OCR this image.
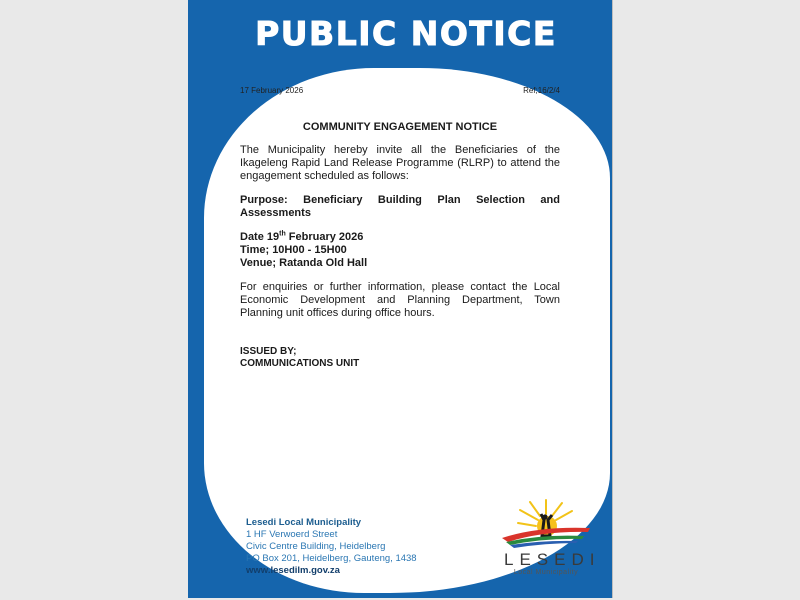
PUBLIC NOTICE
17 February 2026	Ref;16/2/4
COMMUNITY ENGAGEMENT NOTICE

The Municipality hereby invite all the Beneficiaries of the Ikageleng Rapid Land Release Programme (RLRP) to attend the engagement scheduled as follows:

Purpose: Beneficiary Building Plan Selection and Assessments

Date 19th February 2026
Time; 10H00 - 15H00
Venue; Ratanda Old Hall

For enquiries or further information, please contact the Local Economic Development and Planning Department, Town Planning unit offices during office hours.

ISSUED BY;
COMMUNICATIONS UNIT
Lesedi Local Municipality
1 HF Verwoerd Street
Civic Centre Building, Heidelberg
PO Box 201, Heidelberg, Gauteng, 1438
www.lesedilm.gov.za
LESEDI
Local Municipality
